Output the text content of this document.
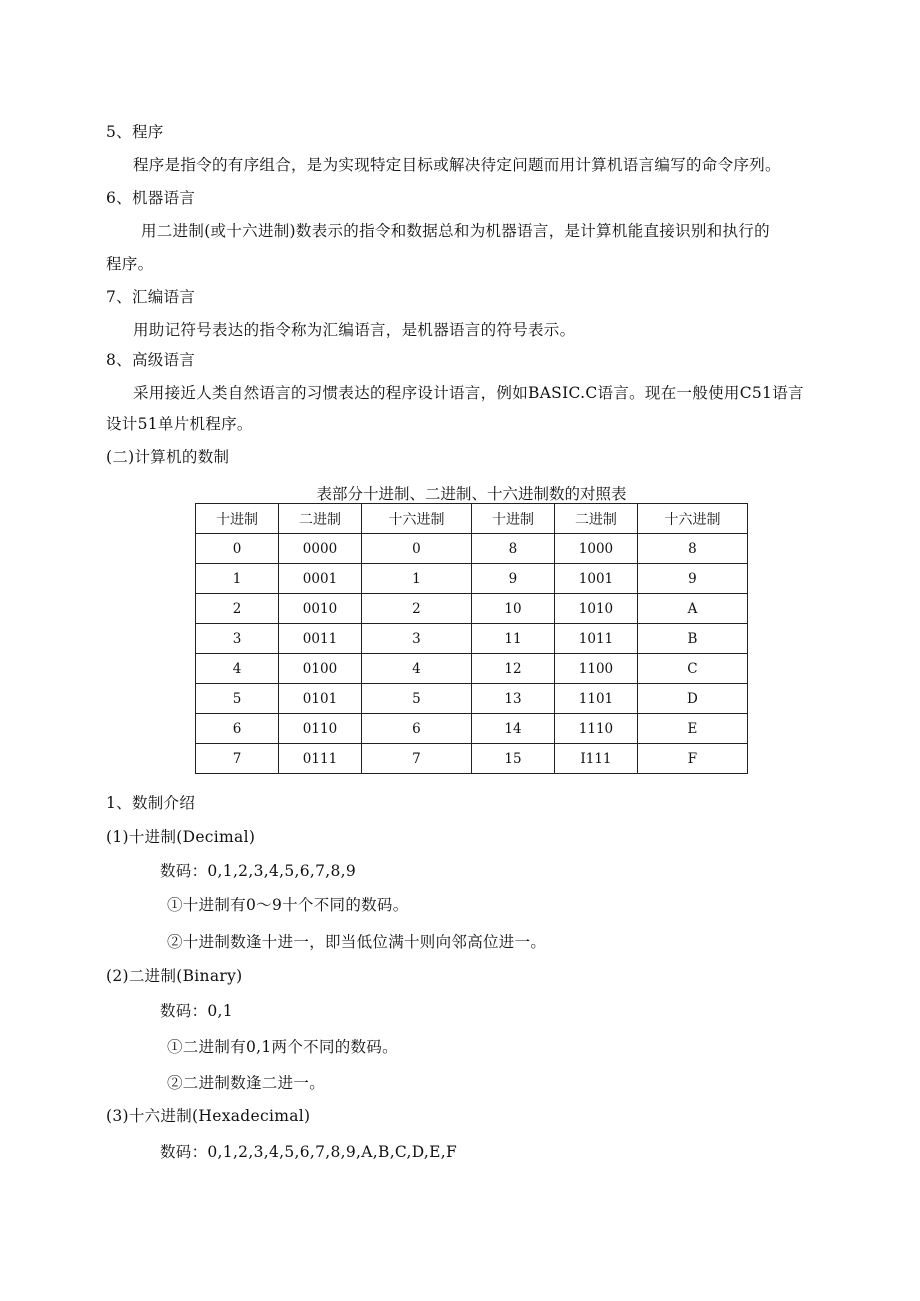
5、程序
程序是指令的有序组合，是为实现特定目标或解决待定问题而用计算机语言编写的命令序列。
6、机器语言
用二进制(或十六进制)数表示的指令和数据总和为机器语言，是计算机能直接识别和执行的
程序。
7、汇编语言
用助记符号表达的指令称为汇编语言，是机器语言的符号表示。
8、高级语言
采用接近人类自然语言的习惯表达的程序设计语言，例如BASIC.C语言。现在一般使用C51语言
设计51单片机程序。
(二)计算机的数制
表部分十进制、二进制、十六进制数的对照表
十进制	二进制	十六进制	十进制	二进制	十六进制
0	0000	0	8	1000	8
1	0001	1	9	1001	9
2	0010	2	10	1010	A
3	0011	3	11	1011	B
4	0100	4	12	1100	C
5	0101	5	13	1101	D
6	0110	6	14	1110	E
7	0111	7	15	I111	F
1、数制介绍
(1)十进制(Decimal)
数码：0,1,2,3,4,5,6,7,8,9
①十进制有0～9十个不同的数码。
②十进制数逢十进一，即当低位满十则向邻高位进一。
(2)二进制(Binary)
数码：0,1
①二进制有0,1两个不同的数码。
②二进制数逢二进一。
(3)十六进制(Hexadecimal)
数码：0,1,2,3,4,5,6,7,8,9,A,B,C,D,E,F
